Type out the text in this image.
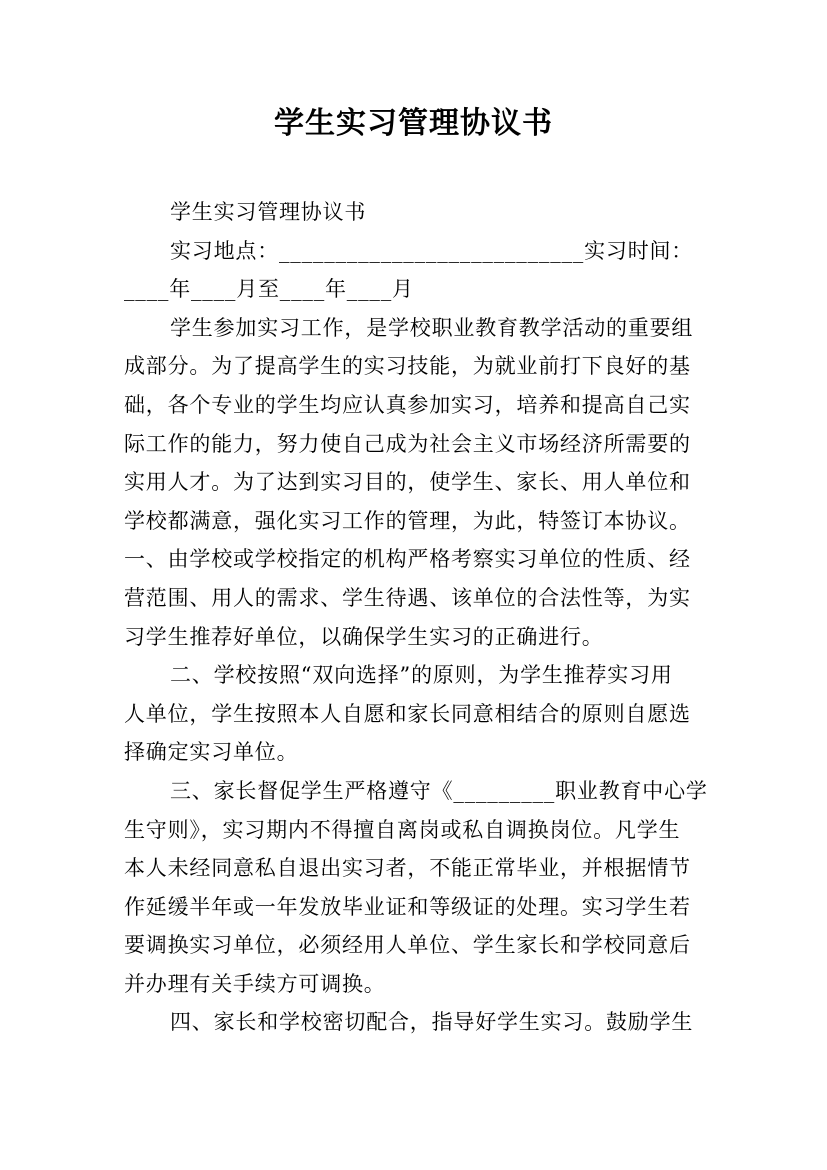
学生实习管理协议书
学生实习管理协议书
实习地点：___________________________实习时间：
____年____月至____年____月
学生参加实习工作，是学校职业教育教学活动的重要组
成部分。为了提高学生的实习技能，为就业前打下良好的基
础，各个专业的学生均应认真参加实习，培养和提高自己实
际工作的能力，努力使自己成为社会主义市场经济所需要的
实用人才。为了达到实习目的，使学生、家长、用人单位和
学校都满意，强化实习工作的管理，为此，特签订本协议。
一、由学校或学校指定的机构严格考察实习单位的性质、经
营范围、用人的需求、学生待遇、该单位的合法性等，为实
习学生推荐好单位，以确保学生实习的正确进行。
二、学校按照“双向选择”的原则，为学生推荐实习用
人单位，学生按照本人自愿和家长同意相结合的原则自愿选
择确定实习单位。
三、家长督促学生严格遵守《_________职业教育中心学
生守则》，实习期内不得擅自离岗或私自调换岗位。凡学生
本人未经同意私自退出实习者，不能正常毕业，并根据情节
作延缓半年或一年发放毕业证和等级证的处理。实习学生若
要调换实习单位，必须经用人单位、学生家长和学校同意后
并办理有关手续方可调换。
四、家长和学校密切配合，指导好学生实习。鼓励学生
